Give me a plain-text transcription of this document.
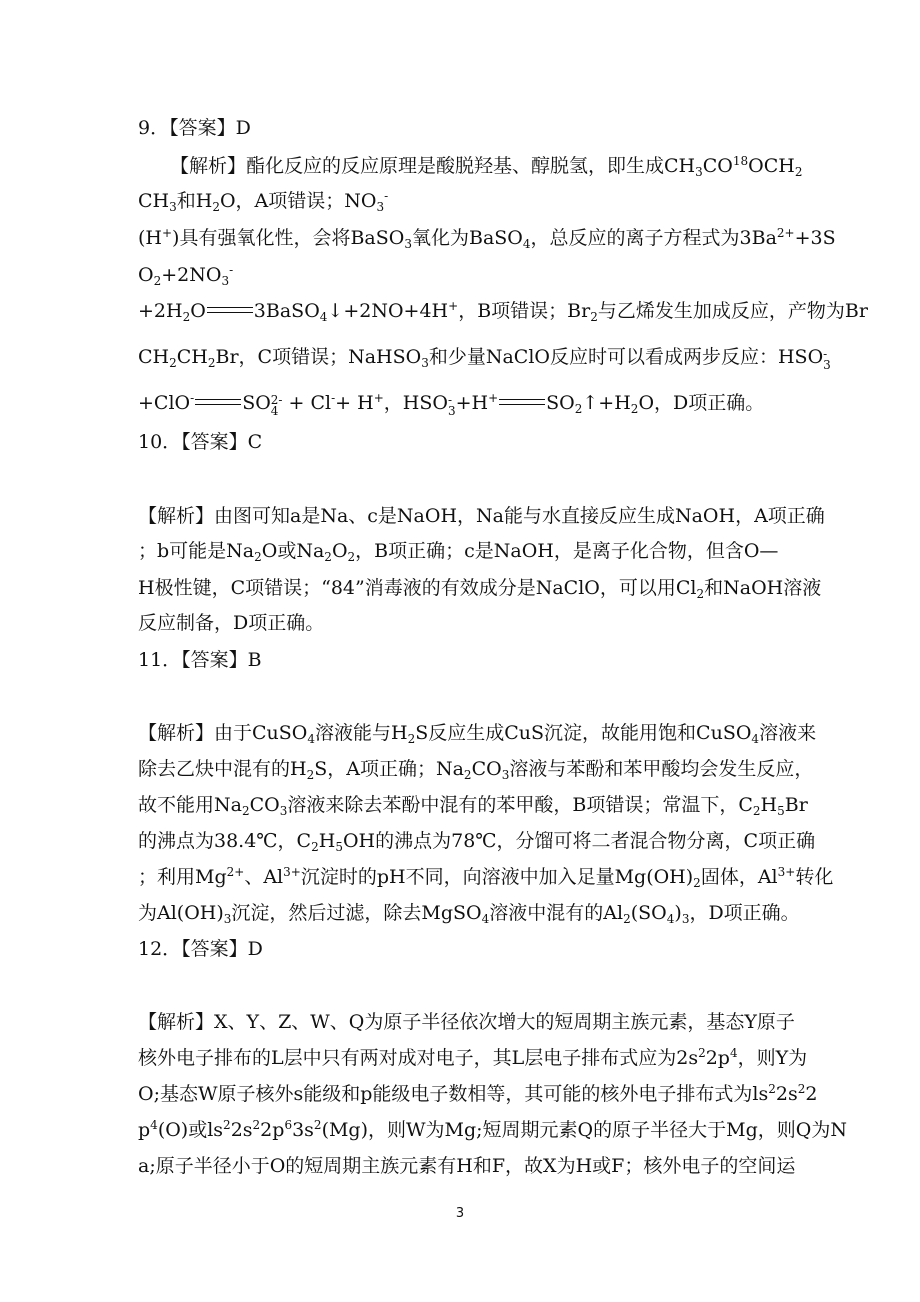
9．【答案】D
【解析】酯化反应的反应原理是酸脱羟基、醇脱氢，即生成$CH_3CO^{18}OCH_2$
$CH_3$和$H_2O$，A项错误；$NO_3^-$
(H+)具有强氧化性，会将BaSO$_3$氧化为BaSO$_4$，总反应的离子方程式为$3Ba^{2+}+3S$
$O_2+2NO_3^-$
$+2H_2O$	3BaSO$_4$↓+2NO+4H+，B项错误；$Br_2$与乙烯发生加成反应，产物为Br
$CH_2CH_2Br$，C项错误；NaHSO$_3$和少量NaClO反应时可以看成两步反应：HSO -
3
+ClO-	SO 2-
4 + Cl-+ H+，HSO -
3 +H+	$SO_2↑+H_2O$，D项正确。
10．【答案】C
【解析】由图可知a是Na、c是NaOH，Na能与水直接反应生成NaOH，A项正确
；b可能是$Na_2O$或$Na_2O_2$，B项正确；c是NaOH，是离子化合物，但含O—
H极性键，C项错误；“84”消毒液的有效成分是NaClO，可以用$Cl_2$和NaOH溶液
反应制备，D项正确。
11．【答案】B
【解析】由于CuSO$_4$溶液能与$H_2S$反应生成CuS沉淀，故能用饱和CuSO$_4$溶液来
除去乙炔中混有的$H_2S$，A项正确；$Na_2CO_3$溶液与苯酚和苯甲酸均会发生反应，
故不能用$Na_2CO_3$溶液来除去苯酚中混有的苯甲酸，B项错误；常温下，$C_2H_5Br$
的沸点为38.4℃，$C_2H_5OH$的沸点为78℃，分馏可将二者混合物分离，C项正确
；利用$Mg^{2+}$、$Al^{3+}$沉淀时的pH不同，向溶液中加入足量$Mg(OH)_2$固体，$Al^{3+}$转化
为$Al(OH)_3$沉淀，然后过滤，除去MgSO$_4$溶液中混有的$Al_2(SO_4)_3$，D项正确。
12．【答案】D
【解析】X、Y、Z、W、Q为原子半径依次增大的短周期主族元素，基态Y原子
核外电子排布的L层中只有两对成对电子，其L层电子排布式应为$2s^22p^4$，则Y为
O;基态W原子核外s能级和p能级电子数相等，其可能的核外电子排布式为$ls^22s^22$
$p^4(O)$或$ls^22s^22p^63s^2(Mg)$，则W为Mg;短周期元素Q的原子半径大于Mg，则Q为N
a;原子半径小于O的短周期主族元素有H和F，故X为H或F；核外电子的空间运
3
